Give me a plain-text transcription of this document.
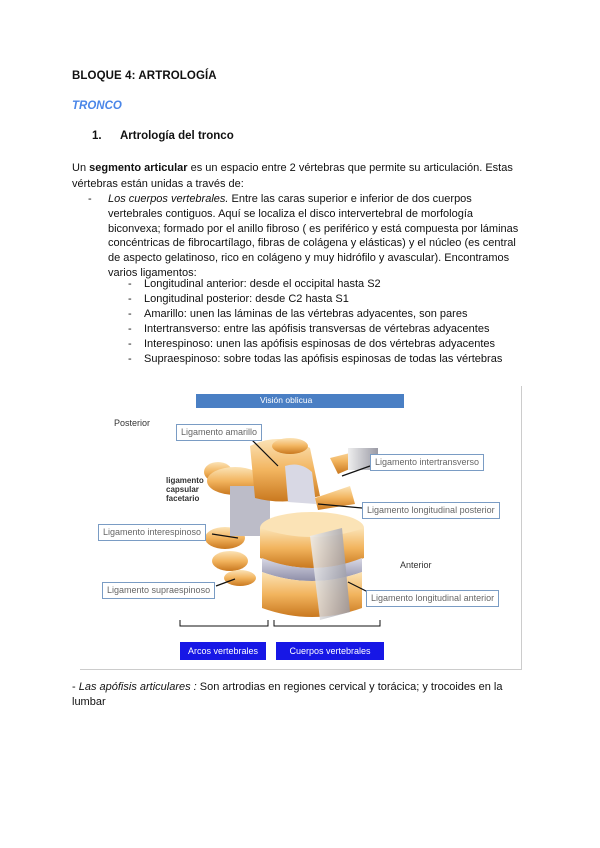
BLOQUE 4: ARTROLOGÍA
TRONCO
1. Artrología del tronco
Un segmento articular es un espacio entre 2 vértebras que permite su articulación. Estas vértebras están unidas a través de:
- Los cuerpos vertebrales. Entre las caras superior e inferior de dos cuerpos
vertebrales contiguos. Aquí se localiza el disco intervertebral de morfología
biconvexa; formado por el anillo fibroso ( es periférico y está compuesta por láminas
concéntricas de fibrocartílago, fibras de colágena y elásticas) y el núcleo (es central
de aspecto gelatinoso, rico en colágeno y muy hidrófilo y avascular). Encontramos
varios ligamentos:
- Longitudinal anterior: desde el occipital hasta S2
- Longitudinal posterior: desde C2 hasta S1
- Amarillo: unen las láminas de las vértebras adyacentes, son pares
- Intertransverso: entre las apófisis transversas de vértebras adyacentes
- Interespinoso: unen las apófisis espinosas de dos vértebras adyacentes
- Supraespinoso: sobre todas las apófisis espinosas de todas las vértebras
Visión oblicua
Posterior
Anterior
ligamento
capsular
facetario
Ligamento amarillo
Ligamento intertransverso
Ligamento longitudinal posterior
Ligamento interespinoso
Ligamento supraespinoso
Ligamento longitudinal anterior
Arcos vertebrales	Cuerpos vertebrales
- Las apófisis articulares : Son artrodias en regiones cervical y torácica; y trocoides en la lumbar
